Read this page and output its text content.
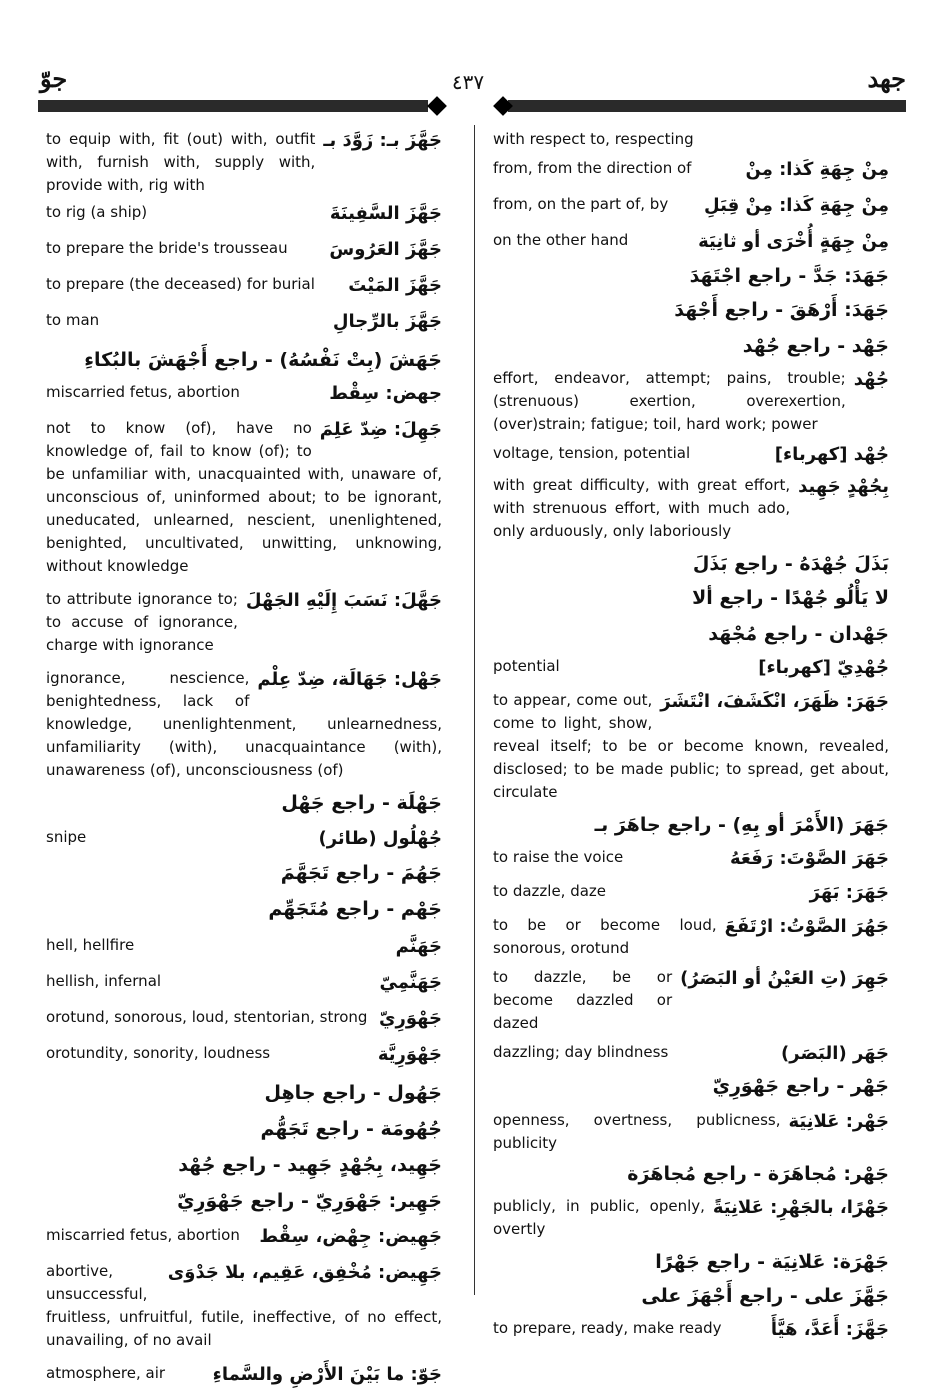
جوّ	٤٣٧	جهد
جَهَّزَ بـ: زَوَّدَ بـ
to equip with, fit (out) with, outfit with, furnish with, supply with, provide with, rig with
جَهَّزَ السَّفِينَةَ
to rig (a ship)
جَهَّزَ العَرُوسَ
to prepare the bride's trousseau
جَهَّزَ المَيْتَ
to prepare (the deceased) for burial
جَهَّزَ بالرِّجالِ
to man
جَهَشَ (بِتْ نَفْسُهُ) - راجع أَجْهَشَ بالبُكاءِ
جهض: سِقْط
miscarried fetus, abortion
جَهِلَ: ضِدّ عَلِمَ
not to know (of), have no knowledge of, fail to know (of); to be unfamiliar with, unacquainted with, unaware of, unconscious of, uninformed about; to be ignorant, uneducated, unlearned, nescient, unenlightened, benighted, uncultivated, unwitting, unknowing, without knowledge
جَهَّلَ: نَسَبَ إِلَيْهِ الجَهْلَ
to attribute ignorance to; to accuse of ignorance, charge with ignorance
جَهْل: جَهَالَة، ضِدّ عِلْم
ignorance, nescience, benightedness, lack of knowledge, unenlightenment, unlearnedness, unfamiliarity (with), unacquaintance (with), unawareness (of), unconsciousness (of)
جَهْلَة - راجع جَهْل
جُهْلُول (طائر)
snipe
جَهُمَ - راجع تَجَهَّمَ
جَهْم - راجع مُتَجَهِّم
جَهَنَّم
hell, hellfire
جَهَنَّمِيّ
hellish, infernal
جَهْوَرِيّ
orotund, sonorous, loud, stentorian, strong
جَهْوَرِيَّة
orotundity, sonority, loudness
جَهُول - راجع جاهِل
جُهُومَة - راجع تَجَهُّم
جَهِيد، بِجُهْدٍ جَهِيد - راجع جُهْد
جَهِير: جَهْوَرِيّ - راجع جَهْوَرِيّ
جَهِيض: جِهْض، سِقْط
miscarried fetus, abortion
جَهِيض: مُخْفِق، عَقِيم، بلا جَدْوَى
abortive, unsuccessful, fruitless, unfruitful, futile, ineffective, of no effect, unavailing, of no avail
جَوّ: ما بَيْنَ الأَرْضِ والسَّماءِ
atmosphere, air
with respect to, respecting
مِنْ جِهَةِ كَذا: مِنْ
from, from the direction of
مِنْ جِهَةِ كَذا: مِنْ قِبَلِ
from, on the part of, by
مِنْ جِهَةٍ أُخْرَى أو ثانِيَة
on the other hand
جَهَدَ: جَدَّ - راجع اجْتَهَدَ
جَهَدَ: أَرْهَقَ - راجع أَجْهَدَ
جَهْد - راجع جُهْد
جُهْد
effort, endeavor, attempt; pains, trouble; (strenuous) exertion, overexertion, (over)strain; fatigue; toil, hard work; power
جُهْد [كهرباء]
voltage, tension, potential
بِجُهْدٍ جَهِيد
with great difficulty, with great effort, with strenuous effort, with much ado, only arduously, only laboriously
بَذَلَ جُهْدَهُ - راجع بَذَلَ
لا يَأْلُو جُهْدًا - راجع ألا
جَهْدان - راجع مُجْهَد
جُهْدِيّ [كهرباء]
potential
جَهَرَ: ظَهَرَ، انْكَشَفَ، انْتَشَرَ
to appear, come out, come to light, show, reveal itself; to be or become known, revealed, disclosed; to be made public; to spread, get about, circulate
جَهَرَ (الأَمْرَ أو بِهِ) - راجع جاهَرَ بـ
جَهَرَ الصَّوْتَ: رَفَعَهُ
to raise the voice
جَهَرَ: بَهَرَ
to dazzle, daze
جَهُرَ الصَّوْتُ: ارْتَفَعَ
to be or become loud, sonorous, orotund
جَهِرَ (تِ العَيْنُ أو البَصَرُ)
to dazzle, be or become dazzled or dazed
جَهَر (البَصَر)
dazzling; day blindness
جَهْر - راجع جَهْوَرِيّ
جَهْر: عَلانِيَة
openness, overtness, publicness, publicity
جَهْر: مُجاهَرَة - راجع مُجاهَرَة
جَهْرًا، بالجَهْرِ: عَلانِيَةً
publicly, in public, openly, overtly
جَهْرَة: عَلانِيَة - راجع جَهْرًا
جَهَّزَ على - راجع أَجْهَزَ على
جَهَّزَ: أَعَدَّ، هَيَّأَ
to prepare, ready, make ready
